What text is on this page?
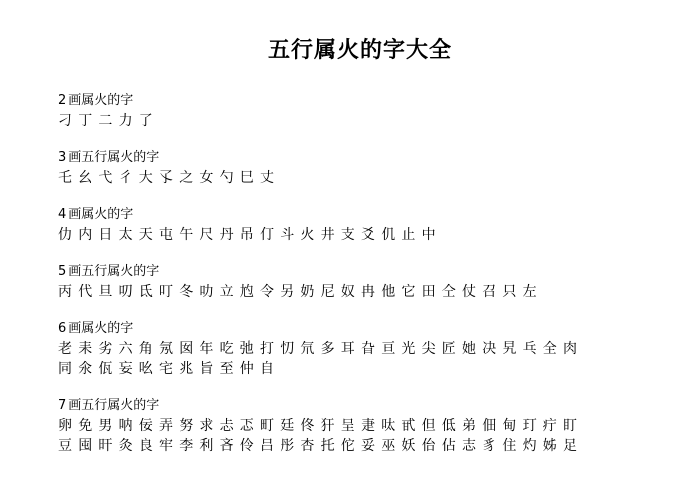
五行属火的字大全

2 画属火的字

刁丁二力了

3 画五行属火的字

乇幺弋彳大孓之女勺巳丈

4 画属火的字

仂内日太天屯午尺丹吊仃斗火井支爻仉止中

5 画五行属火的字

丙代旦叨氐叮冬叻立尥令另奶尼奴冉他它田仝仗召只左

6 画属火的字

老耒劣六角氖囡年吃弛打忉氘多耳旮亘光尖匠她决旯乓全肉

同氽佤妄吆宅兆旨至仲自

7 画五行属火的字

卵免男呐佞弄努求忐忑町廷佟犴呈疌呔甙但低弟佃甸玎疔盯

豆囤旰灸良牢李利吝伶吕彤杏托佗妥巫妖佁佔志豸住灼姊足
